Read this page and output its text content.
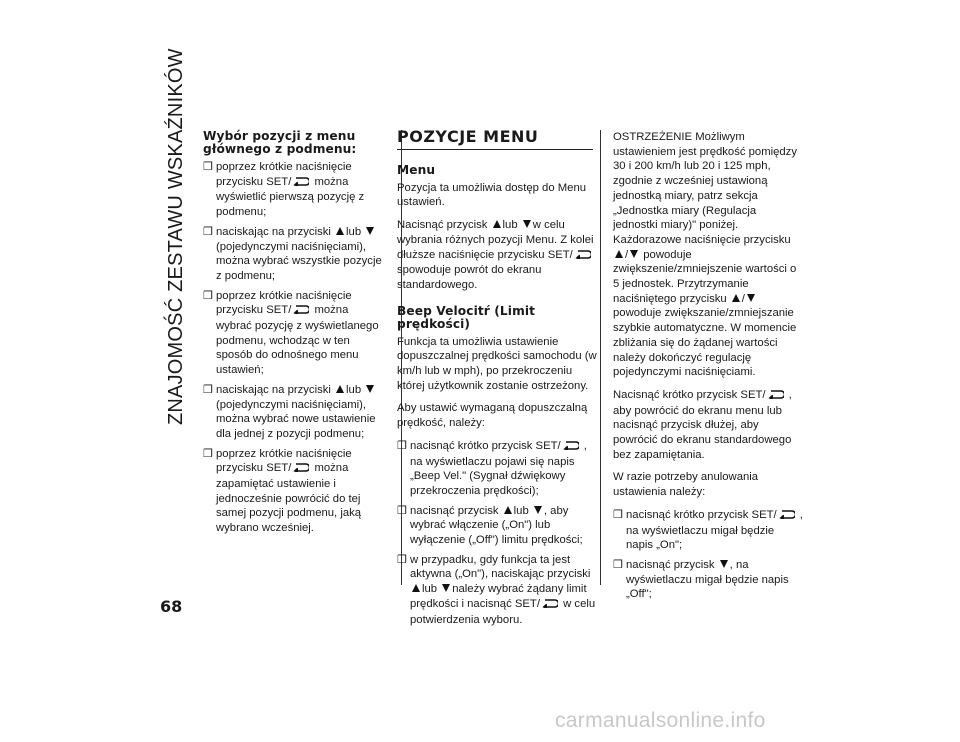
ZNAJOMOŚĆ ZESTAWU WSKAŹNIKÓW
68
Wybór pozycji z menu głównego z podmenu:
❒ poprzez krótkie naciśnięcie przycisku SET/ można wyświetlić pierwszą pozycję z podmenu;
❒ naciskając na przyciski lub (pojedynczymi naciśnięciami), można wybrać wszystkie pozycje z podmenu;
❒ poprzez krótkie naciśnięcie przycisku SET/ można wybrać pozycję z wyświetlanego podmenu, wchodząc w ten sposób do odnośnego menu ustawień;
❒ naciskając na przyciski lub (pojedynczymi naciśnięciami), można wybrać nowe ustawienie dla jednej z pozycji podmenu;
❒ poprzez krótkie naciśnięcie przycisku SET/ można zapamiętać ustawienie i jednocześnie powrócić do tej samej pozycji podmenu, jaką wybrano wcześniej.
POZYCJE MENU
Menu

Pozycja ta umożliwia dostęp do Menu ustawień.

Nacisnąć przycisk lub w celu wybrania różnych pozycji Menu. Z kolei dłuższe naciśnięcie przycisku SET/ spowoduje powrót do ekranu standardowego.

Beep Velocitŕ (Limit prędkości)

Funkcja ta umożliwia ustawienie dopuszczalnej prędkości samochodu (w km/h lub w mph), po przekroczeniu której użytkownik zostanie ostrzeżony.

Aby ustawić wymaganą dopuszczalną prędkość, należy:

❒ nacisnąć krótko przycisk SET/ , na wyświetlaczu pojawi się napis „Beep Vel." (Sygnał dźwiękowy przekroczenia prędkości);
❒ nacisnąć przycisk lub , aby wybrać włączenie („On") lub wyłączenie („Off") limitu prędkości;
❒ w przypadku, gdy funkcja ta jest aktywna („On"), naciskając przyciski lub należy wybrać żądany limit prędkości i nacisnąć SET/ w celu potwierdzenia wyboru.

OSTRZEŻENIE Możliwym ustawieniem jest prędkość pomiędzy 30 i 200 km/h lub 20 i 125 mph, zgodnie z wcześniej ustawioną jednostką miary, patrz sekcja „Jednostka miary (Regulacja jednostki miary)" poniżej. Każdorazowe naciśnięcie przycisku / powoduje zwiększenie/zmniejszenie wartości o 5 jednostek. Przytrzymanie naciśniętego przycisku / powoduje zwiększanie/zmniejszanie szybkie automatyczne. W momencie zbliżania się do żądanej wartości należy dokończyć regulację pojedynczymi naciśnięciami.

Nacisnąć krótko przycisk SET/ , aby powrócić do ekranu menu lub nacisnąć przycisk dłużej, aby powrócić do ekranu standardowego bez zapamiętania.

W razie potrzeby anulowania ustawienia należy:

❒ nacisnąć krótko przycisk SET/ , na wyświetlaczu migał będzie napis „On";
❒ nacisnąć przycisk , na wyświetlaczu migał będzie napis „Off";
carmanualsonline.info
